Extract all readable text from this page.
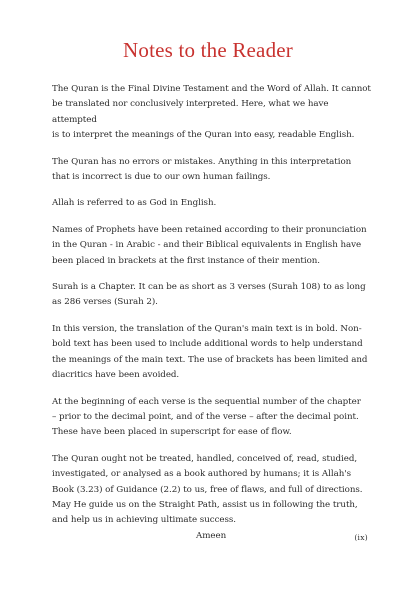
Notes to the Reader

The Quran is the Final Divine Testament and the Word of Allah. It cannot
be translated nor conclusively interpreted. Here, what we have attempted
is to interpret the meanings of the Quran into easy, readable English.

The Quran has no errors or mistakes. Anything in this interpretation
that is incorrect is due to our own human failings.

Allah is referred to as God in English.

Names of Prophets have been retained according to their pronunciation
in the Quran - in Arabic - and their Biblical equivalents in English have
been placed in brackets at the first instance of their mention.

Surah is a Chapter. It can be as short as 3 verses (Surah 108) to as long
as 286 verses (Surah 2).

In this version, the translation of the Quran's main text is in bold. Non-
bold text has been used to include additional words to help understand
the meanings of the main text. The use of brackets has been limited and
diacritics have been avoided.

At the beginning of each verse is the sequential number of the chapter
– prior to the decimal point, and of the verse – after the decimal point.
These have been placed in superscript for ease of flow.

The Quran ought not be treated, handled, conceived of, read, studied,
investigated, or analysed as a book authored by humans; it is Allah's
Book (3.23) of Guidance (2.2) to us, free of flaws, and full of directions.
May He guide us on the Straight Path, assist us in following the truth,
and help us in achieving ultimate success.

Ameen	(ix)
